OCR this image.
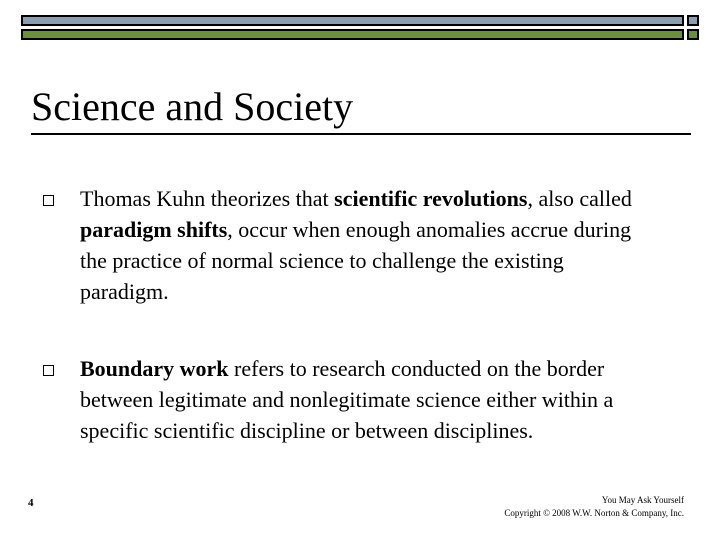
Science and Society
Thomas Kuhn theorizes that scientific revolutions, also called paradigm shifts, occur when enough anomalies accrue during the practice of normal science to challenge the existing paradigm.
Boundary work refers to research conducted on the border between legitimate and nonlegitimate science either within a specific scientific discipline or between disciplines.
4	You May Ask Yourself
Copyright © 2008 W.W. Norton & Company, Inc.
